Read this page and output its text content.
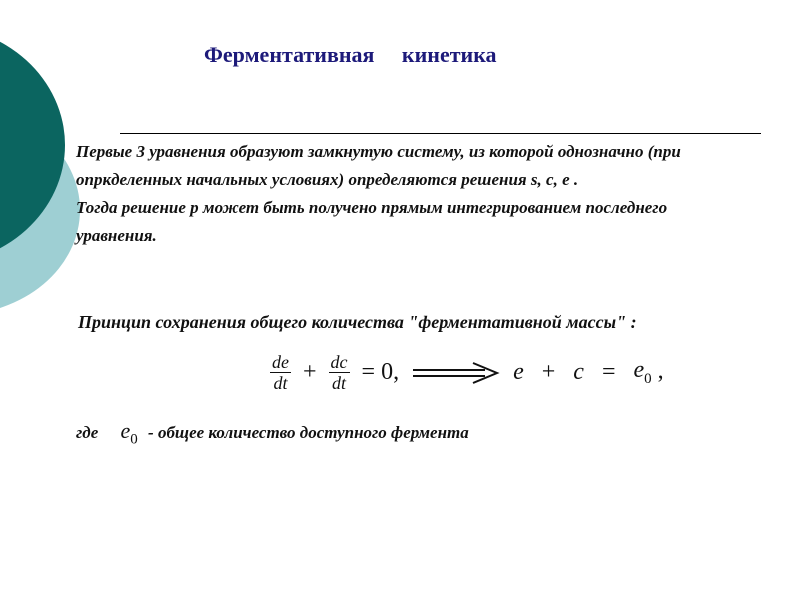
Ферментативная     кинетика

Первые 3 уравнения образуют замкнутую систему, из которой однозначно (при опркделенных начальных условиях) определяются решения s, c, e .

Тогда решение p может быть получено прямым интегрированием последнего уравнения.

Принцип сохранения общего количества "ферментативной массы" :
$\frac{de}{dt} + \frac{dc}{dt} = 0$,	$e + c = e_0$ ,
где $e_0$ - общее количество доступного фермента
